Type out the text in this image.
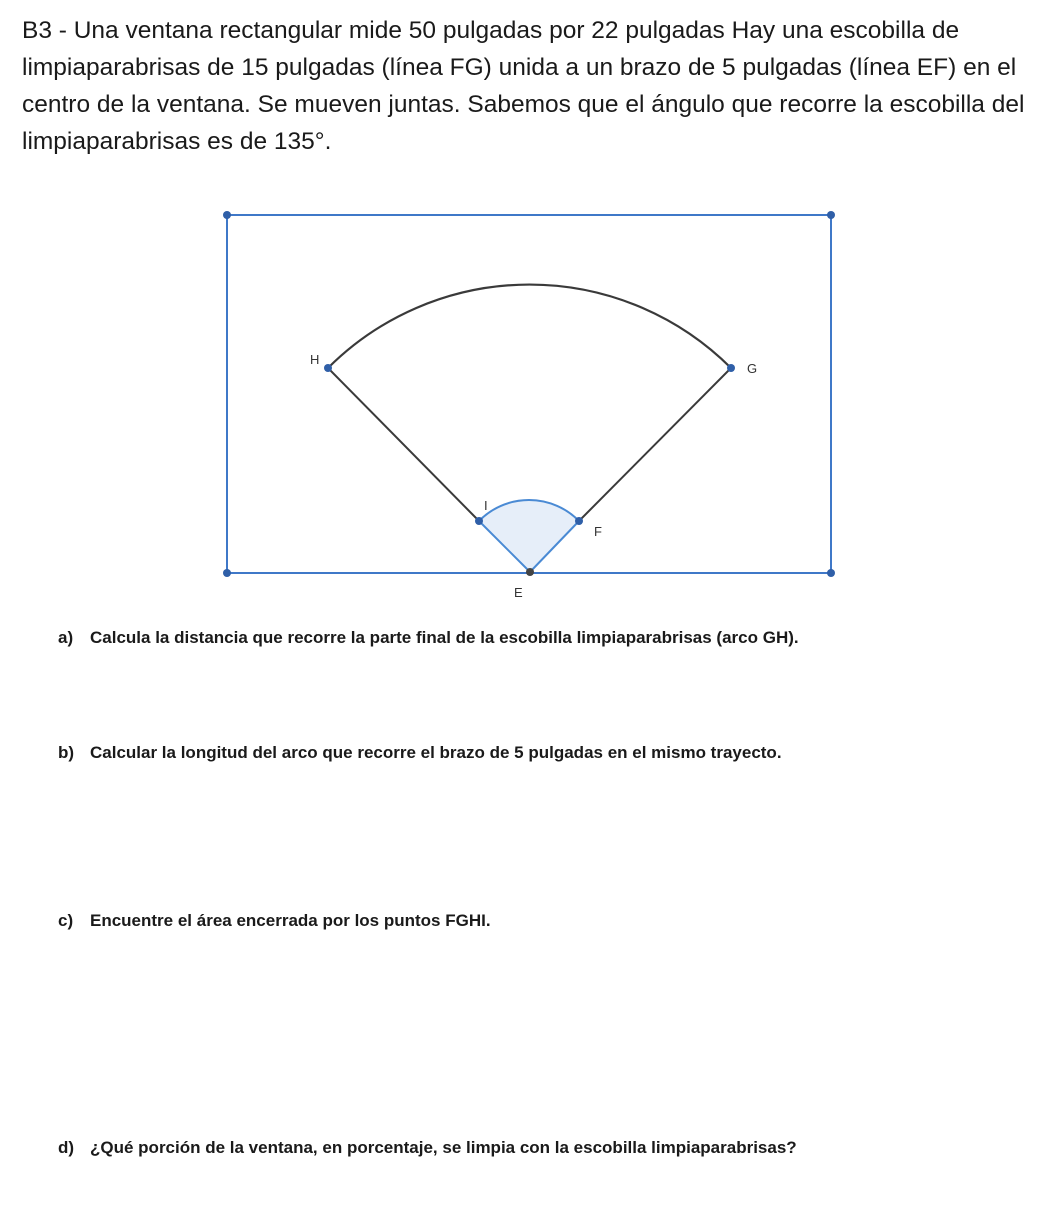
B3 - Una ventana rectangular mide 50 pulgadas por 22 pulgadas Hay una escobilla de limpiaparabrisas de 15 pulgadas (línea FG) unida a un brazo de 5 pulgadas (línea EF) en el centro de la ventana. Se mueven juntas. Sabemos que el ángulo que recorre la escobilla del limpiaparabrisas es de 135°.

E
F
G
H
I

a) Calcula la distancia que recorre la parte final de la escobilla limpiaparabrisas (arco GH).

b) Calcular la longitud del arco que recorre el brazo de 5 pulgadas en el mismo trayecto.

c) Encuentre el área encerrada por los puntos FGHI.

d) ¿Qué porción de la ventana, en porcentaje, se limpia con la escobilla limpiaparabrisas?
